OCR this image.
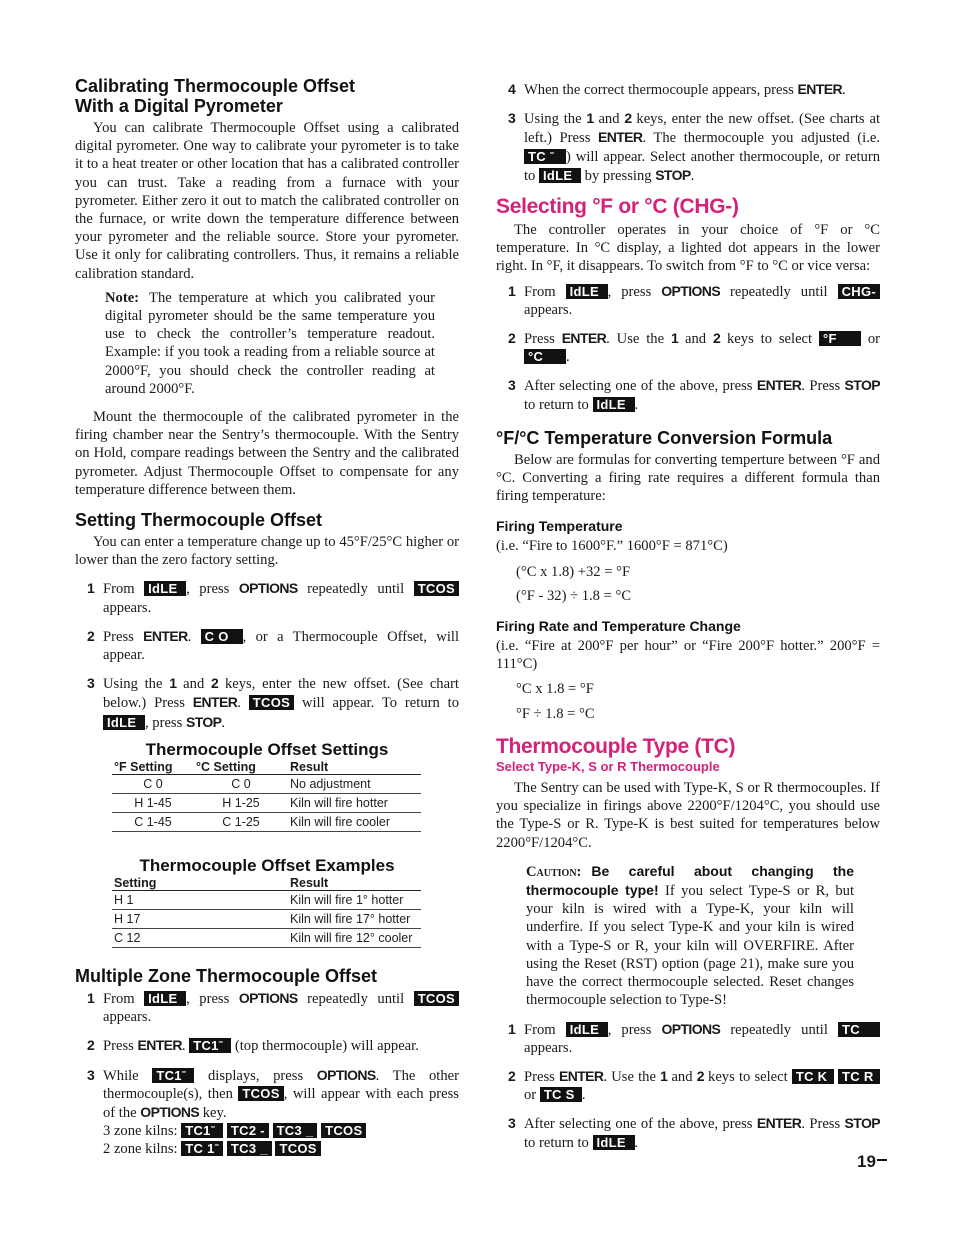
Calibrating Thermocouple Offset
With a Digital Pyrometer

You can calibrate Thermocouple Offset using a calibrated digital pyrometer. One way to calibrate your pyrometer is to take it to a heat treater or other location that has a calibrated controller you can trust. Take a reading from a furnace with your pyrometer. Either zero it out to match the calibrated controller on the furnace, or write down the temperature difference between your pyrometer and the reliable source. Store your pyrometer. Use it only for calibrating controllers. Thus, it remains a reliable calibration standard.

Note: The temperature at which you calibrated your digital pyrometer should be the same temperature you use to check the controller’s temperature readout. Example: if you took a reading from a reliable source at 2000°F, you should check the controller reading at around 2000°F.

Mount the thermocouple of the calibrated pyrometer in the firing chamber near the Sentry’s thermocouple. With the Sentry on Hold, compare readings between the Sentry and the calibrated pyrometer. Adjust Thermocouple Offset to compensate for any temperature difference between them.

Setting Thermocouple Offset

You can enter a temperature change up to 45°F/25°C higher or lower than the zero factory setting.

1 From IdLE , press OPTIONS repeatedly until TCOS appears.
2 Press ENTER. C O , or a Thermocouple Offset, will appear.
3 Using the 1 and 2 keys, enter the new offset. (See chart below.) Press ENTER. TCOS will appear. To return to IdLE , press STOP.
Thermocouple Offset Settings
°F Setting	°C Setting	Result
C 0	C 0	No adjustment
H 1-45	H 1-25	Kiln will fire hotter
C 1-45	C 1-25	Kiln will fire cooler
Thermocouple Offset Examples
Setting	Result
H 1	Kiln will fire 1° hotter
H 17	Kiln will fire 17° hotter
C 12	Kiln will fire 12° cooler
Multiple Zone Thermocouple Offset
1 From IdLE , press OPTIONS repeatedly until TCOS appears.
2 Press ENTER. TC1ˉ (top thermocouple) will appear.
3 While TC1ˉ displays, press OPTIONS. The other thermocouple(s), then TCOS , will appear with each press of the OPTIONS key.
3 zone kilns: TC1ˉ TC2 - TC3 _ TCOS
2 zone kilns: TC 1ˉ TC3 _ TCOS
4 When the correct thermocouple appears, press ENTER.
3 Using the 1 and 2 keys, enter the new offset. (See charts at left.) Press ENTER. The thermocouple you adjusted (i.e. TC ˉ ) will appear. Select another thermocouple, or return to IdLE by pressing STOP.
Selecting °F or °C (CHG-)

The controller operates in your choice of °F or °C temperature. In °C display, a lighted dot appears in the lower right. In °F, it disappears. To switch from °F to °C or vice versa:

1 From IdLE , press OPTIONS repeatedly until CHG- appears.
2 Press ENTER. Use the 1 and 2 keys to select °F or °C .
3 After selecting one of the above, press ENTER. Press STOP to return to IdLE .
°F/°C Temperature Conversion Formula

Below are formulas for converting temperture between °F and °C. Converting a firing rate requires a different formula than firing temperature:

Firing Temperature

(i.e. “Fire to 1600°F.” 1600°F = 871°C)

(°C x 1.8) +32 = °F
(°F - 32) ÷ 1.8 = °C
Firing Rate and Temperature Change

(i.e. “Fire at 200°F per hour” or “Fire 200°F hotter.” 200°F = 111°C)

°C x 1.8 = °F
°F ÷ 1.8 = °C
Thermocouple Type (TC)
Select Type-K, S or R Thermocouple

The Sentry can be used with Type-K, S or R thermocouples. If you specialize in firings above 2200°F/1204°C, you should use the Type-S or R. Type-K is best suited for temperatures below 2200°F/1204°C.

Caution: Be careful about changing the thermocouple type! If you select Type-S or R, but your kiln is wired with a Type-K, your kiln will underfire. If you select Type-K and your kiln is wired with a Type-S or R, your kiln will OVERFIRE. After using the Reset (RST) option (page 21), make sure you have the correct thermocouple selected. Reset changes thermocouple selection to Type-S!

1 From IdLE , press OPTIONS repeatedly until TC appears.
2 Press ENTER. Use the 1 and 2 keys to select TC K TC R or TC S .
3 After selecting one of the above, press ENTER. Press STOP to return to IdLE .
19
